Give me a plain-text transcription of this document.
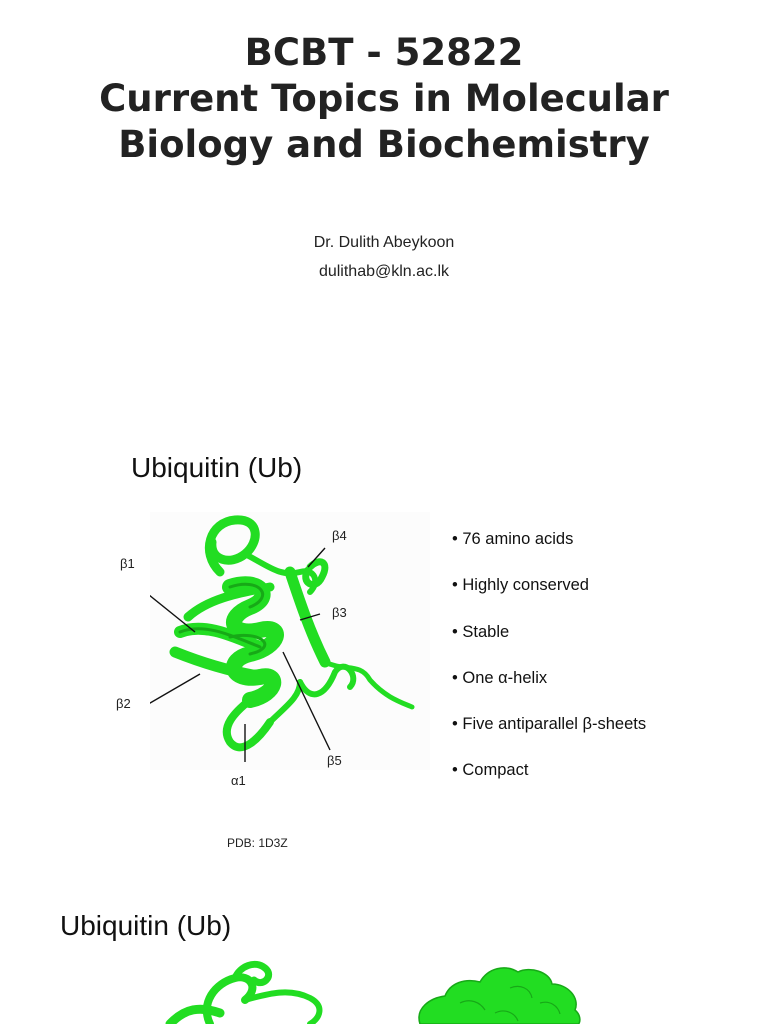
BCBT - 52822
Current Topics in Molecular
Biology and Biochemistry
Dr. Dulith Abeykoon
dulithab@kln.ac.lk
Ubiquitin (Ub)
β1
β2
β3
β4
β5
α1
• 76 amino acids
• Highly conserved
• Stable
• One α-helix
• Five antiparallel β-sheets
• Compact
PDB: 1D3Z
Ubiquitin (Ub)
